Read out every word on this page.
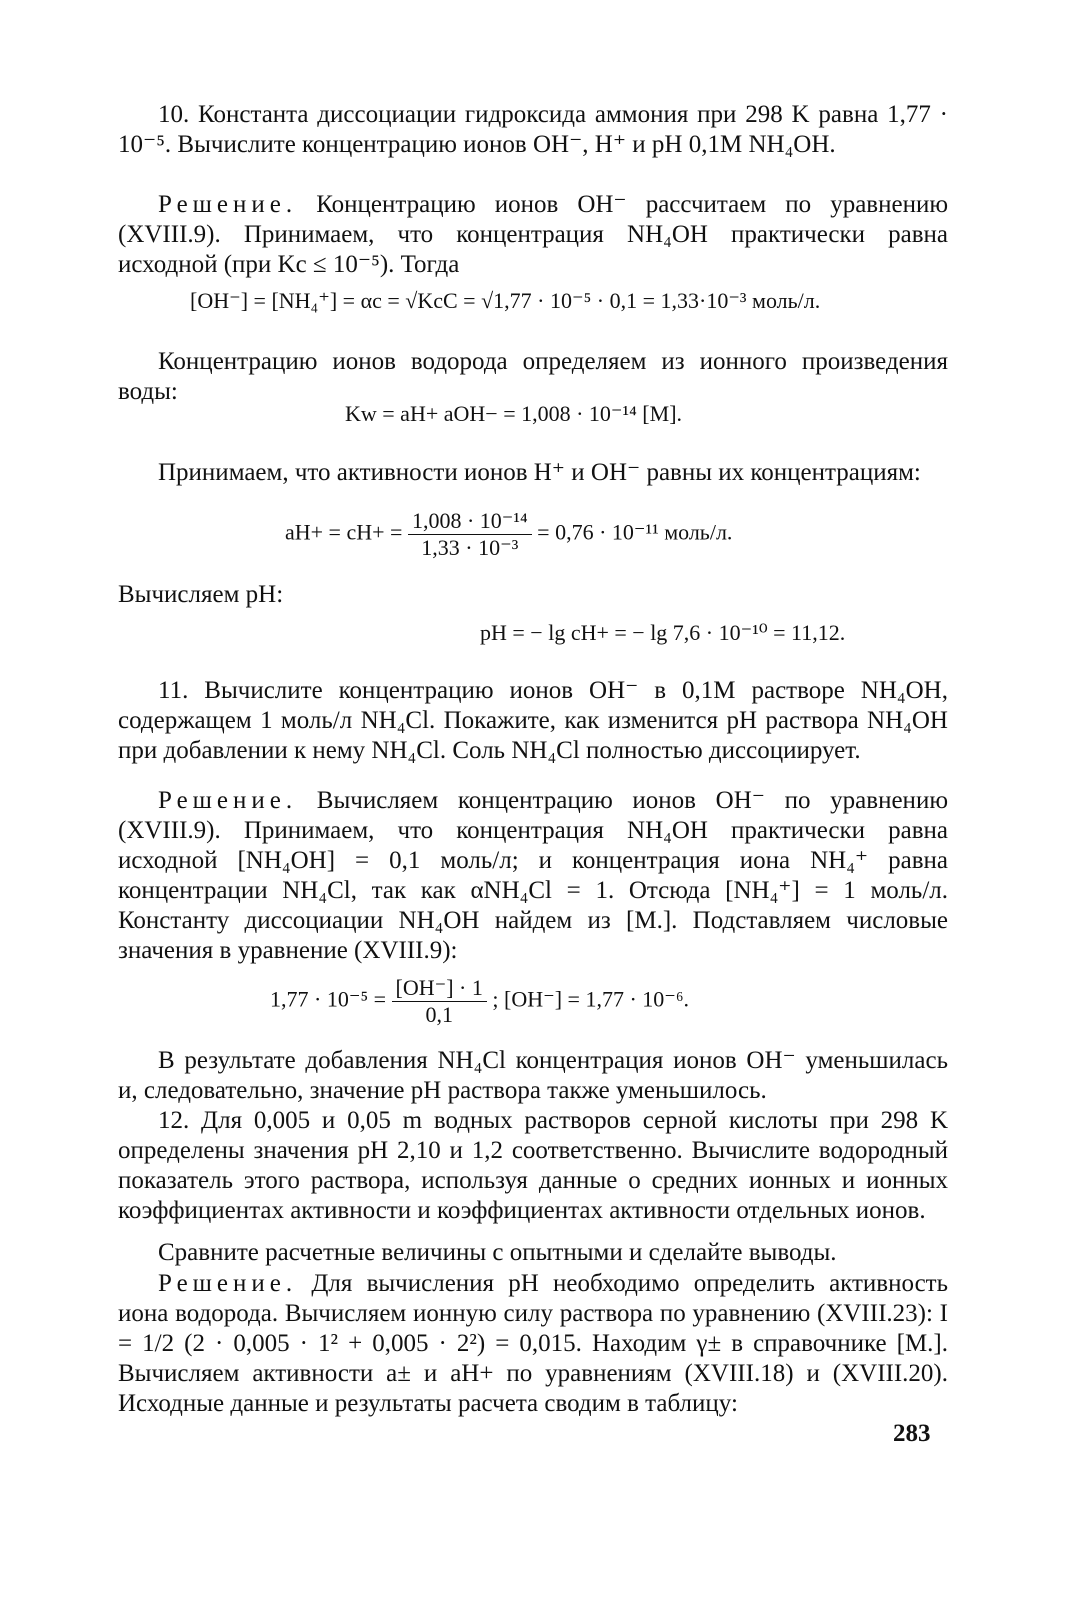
10. Константа диссоциации гидроксида аммония при 298 K равна 1,77 · 10⁻⁵. Вычислите концентрацию ионов OH⁻, H⁺ и pH 0,1M NH₄OH.

Решение. Концентрацию ионов OH⁻ рассчитаем по уравнению (XVIII.9). Принимаем, что концентрация NH₄OH практически равна исходной (при Kc ≤ 10⁻⁵). Тогда

[OH⁻] = [NH₄⁺] = αc = √KcC = √1,77 · 10⁻⁵ · 0,1 = 1,33·10⁻³ моль/л.

Концентрацию ионов водорода определяем из ионного произведения воды:

Kw = aH+ aOH− = 1,008 · 10⁻¹⁴ [M].

Принимаем, что активности ионов H⁺ и OH⁻ равны их концентрациям:

$aH+ = cH+ = \frac{\text{1,008 · 10⁻¹⁴}}{\text{1,33 · 10⁻³}} = 0,76 \cdot 10^{-11}$ моль/л.

Вычисляем pH:

pH = − lg cH+ = − lg 7,6 · 10⁻¹⁰ = 11,12.

11. Вычислите концентрацию ионов OH⁻ в 0,1M растворе NH₄OH, содержащем 1 моль/л NH₄Cl. Покажите, как изменится pH раствора NH₄OH при добавлении к нему NH₄Cl. Соль NH₄Cl полностью диссоциирует.

Решение. Вычисляем концентрацию ионов OH⁻ по уравнению (XVIII.9). Принимаем, что концентрация NH₄OH практически равна исходной [NH₄OH] = 0,1 моль/л; и концентрация иона NH₄⁺ равна концентрации NH₄Cl, так как αNH₄Cl = 1. Отсюда [NH₄⁺] = 1 моль/л. Константу диссоциации NH₄OH найдем из [M.]. Подставляем числовые значения в уравнение (XVIII.9):

$1,77 \cdot 10^{-5} = \frac{[OH^-] \cdot 1}{0,1}$ ; [OH⁻] = 1,77 · 10⁻⁶.

В результате добавления NH₄Cl концентрация ионов OH⁻ уменьшилась и, следовательно, значение pH раствора также уменьшилось.

12. Для 0,005 и 0,05 m водных растворов серной кислоты при 298 K определены значения pH 2,10 и 1,2 соответственно. Вычислите водородный показатель этого раствора, используя данные о средних ионных и ионных коэффициентах активности и коэффициентах активности отдельных ионов.

Сравните расчетные величины с опытными и сделайте выводы.

Решение. Для вычисления pH необходимо определить активность иона водорода. Вычисляем ионную силу раствора по уравнению (XVIII.23): I = 1/2 (2 · 0,005 · 1² + 0,005 · 2²) = 0,015. Находим γ± в справочнике [M.]. Вычисляем активности a± и aH+ по уравнениям (XVIII.18) и (XVIII.20). Исходные данные и результаты расчета сводим в таблицу:

283
